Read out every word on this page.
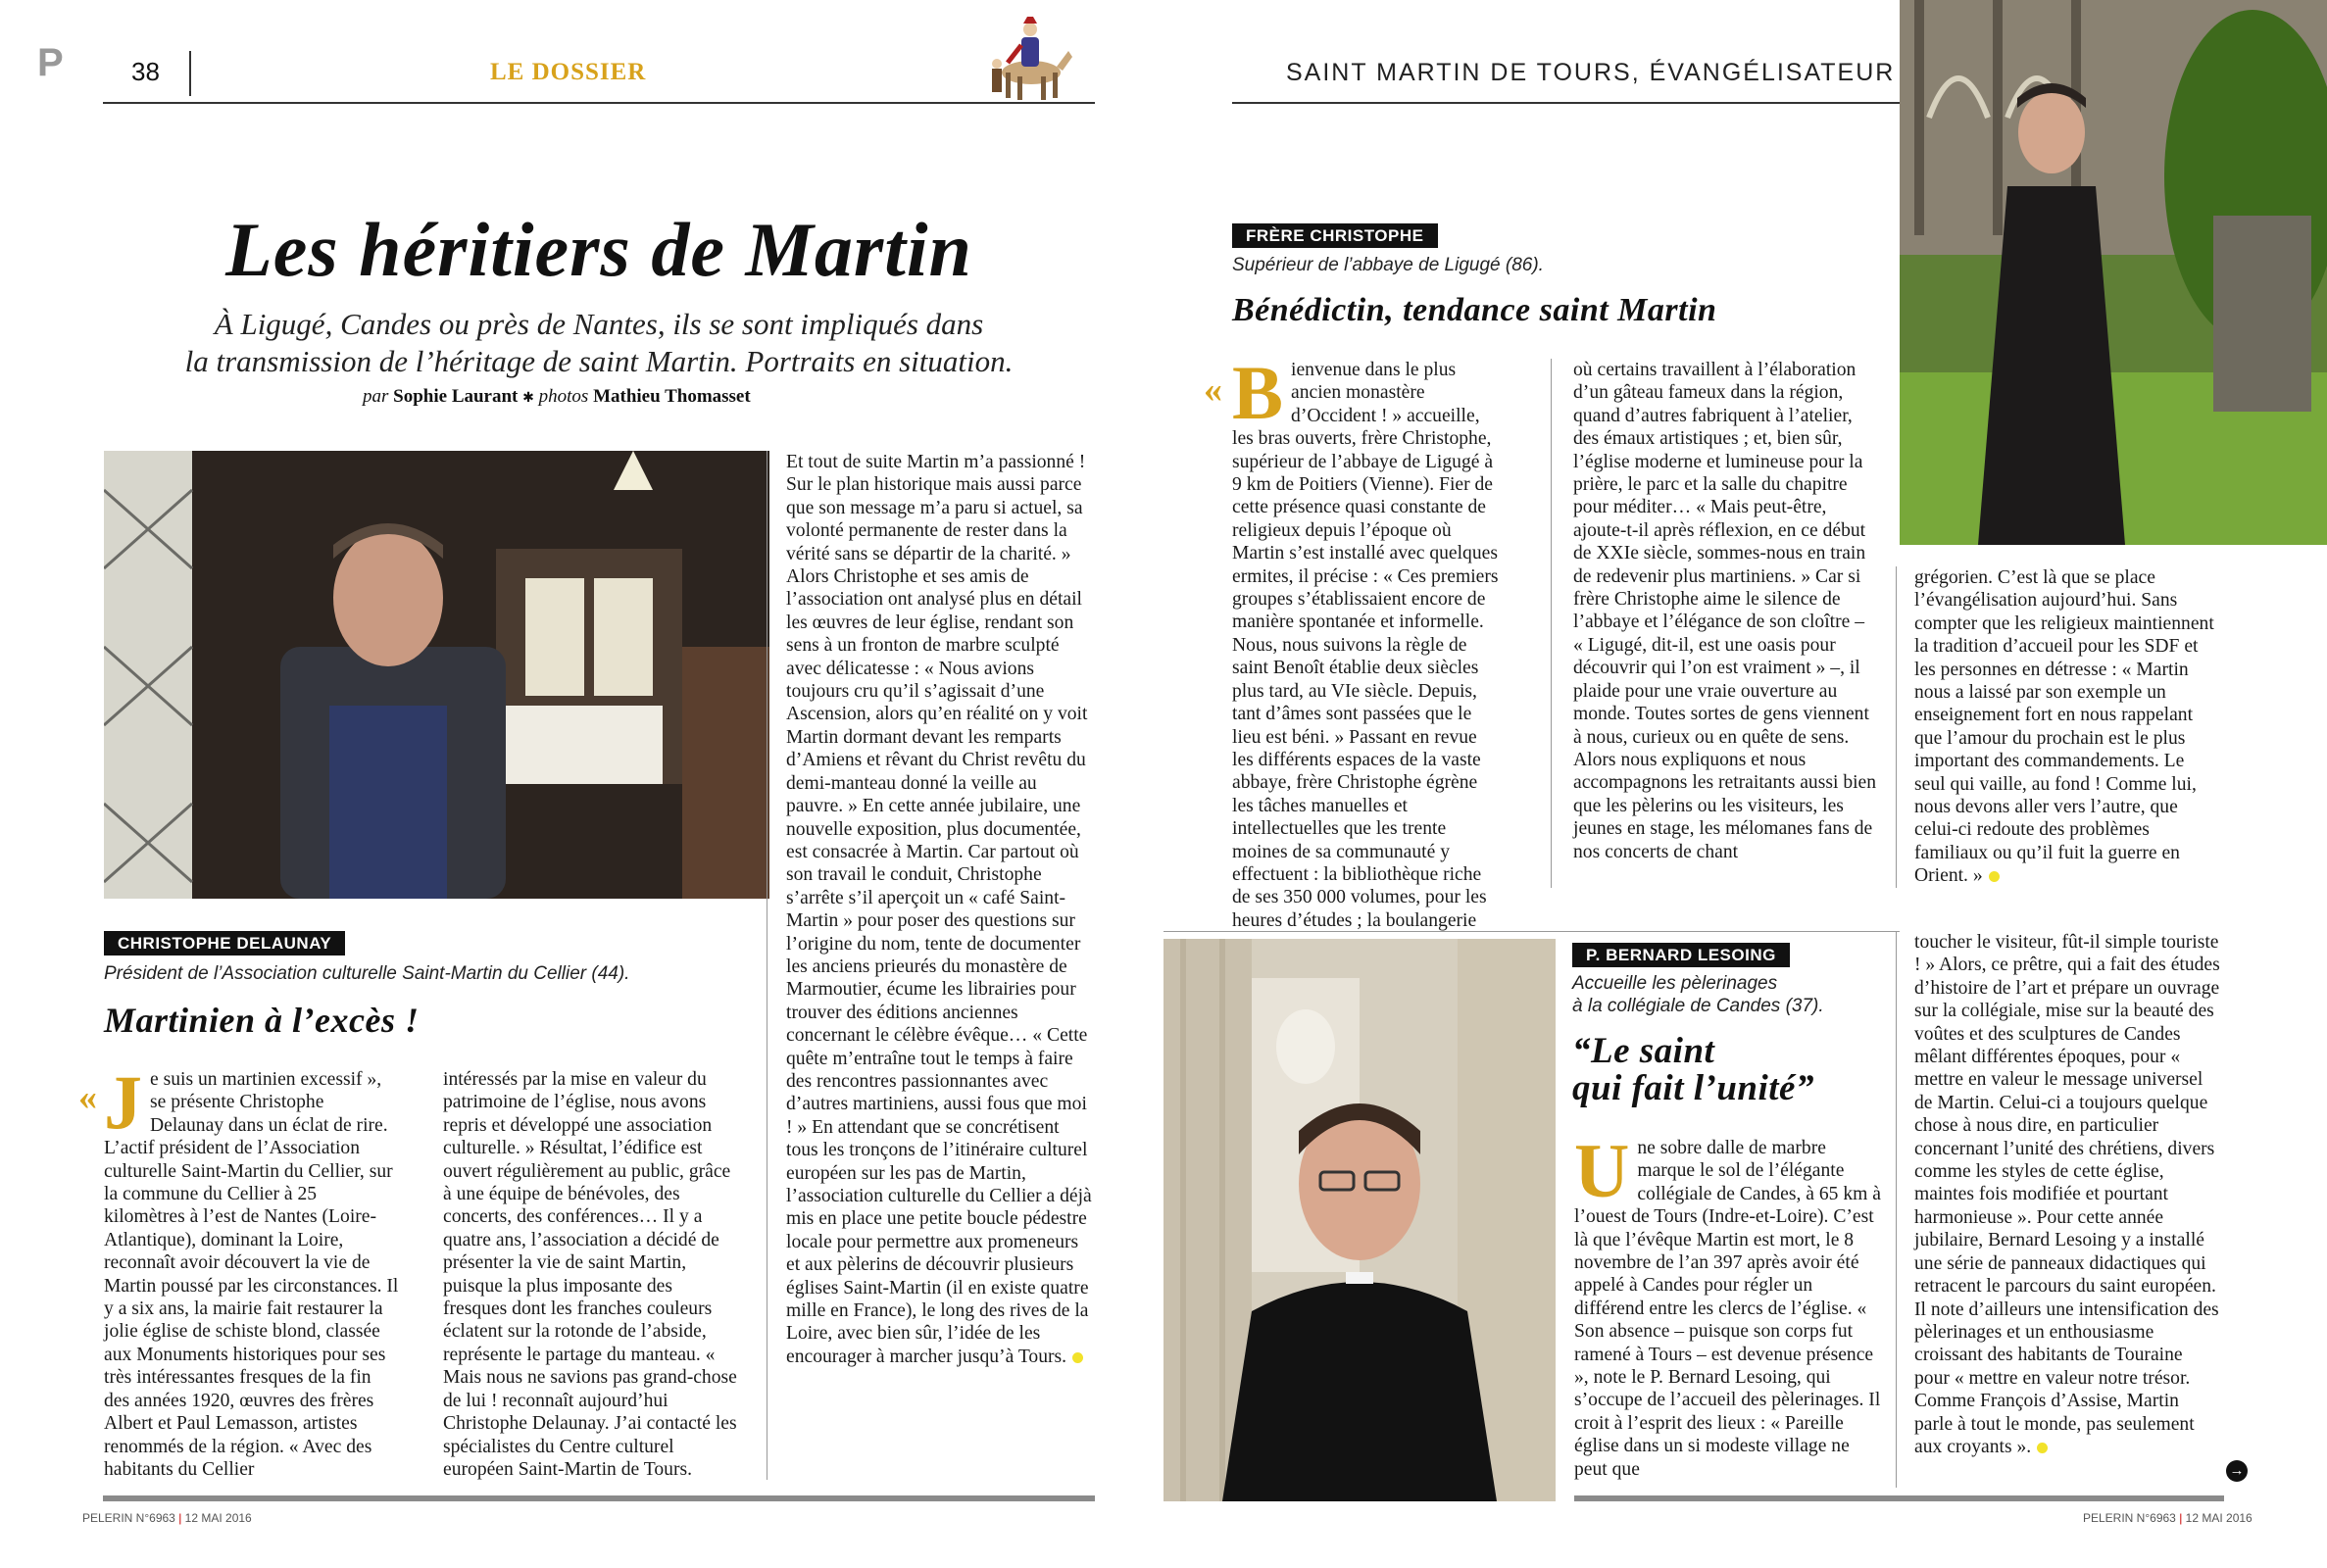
P	38	LE DOSSIER	SAINT MARTIN DE TOURS, ÉVANGÉLISATEUR
Les héritiers de Martin
À Ligugé, Candes ou près de Nantes, ils se sont impliqués dans
la transmission de l’héritage de saint Martin. Portraits en situation.
par Sophie Laurant ✱ photos Mathieu Thomasset
CHRISTOPHE DELAUNAY
Président de l’Association culturelle Saint-Martin du Cellier (44).
Martinien à l’excès !
« Je suis un martinien excessif », se présente Christophe Delaunay dans un éclat de rire. L’actif président de l’Association culturelle Saint-Martin du Cellier, sur la commune du Cellier à 25 kilomètres à l’est de Nantes (Loire-Atlantique), dominant la Loire, reconnaît avoir découvert la vie de Martin poussé par les circonstances. Il y a six ans, la mairie fait restaurer la jolie église de schiste blond, classée aux Monuments historiques pour ses très intéressantes fresques de la fin des années 1920, œuvres des frères Albert et Paul Lemasson, artistes renommés de la région. « Avec des habitants du Cellier

intéressés par la mise en valeur du patrimoine de l’église, nous avons repris et développé une association culturelle. » Résultat, l’édifice est ouvert régulièrement au public, grâce à une équipe de bénévoles, des concerts, des conférences… Il y a quatre ans, l’association a décidé de présenter la vie de saint Martin, puisque la plus imposante des fresques dont les franches couleurs éclatent sur la rotonde de l’abside, représente le partage du manteau. « Mais nous ne savions pas grand-chose de lui ! reconnaît aujourd’hui Christophe Delaunay. J’ai contacté les spécialistes du Centre culturel européen Saint-Martin de Tours.

Et tout de suite Martin m’a passionné ! Sur le plan historique mais aussi parce que son message m’a paru si actuel, sa volonté permanente de rester dans la vérité sans se départir de la charité. » Alors Christophe et ses amis de l’association ont analysé plus en détail les œuvres de leur église, rendant son sens à un fronton de marbre sculpté avec délicatesse : « Nous avions toujours cru qu’il s’agissait d’une Ascension, alors qu’en réalité on y voit Martin dormant devant les remparts d’Amiens et rêvant du Christ revêtu du demi-manteau donné la veille au pauvre. » En cette année jubilaire, une nouvelle exposition, plus documentée, est consacrée à Martin. Car partout où son travail le conduit, Christophe s’arrête s’il aperçoit un « café Saint-Martin » pour poser des questions sur l’origine du nom, tente de documenter les anciens prieurés du monastère de Marmoutier, écume les librairies pour trouver des éditions anciennes concernant le célèbre évêque… « Cette quête m’entraîne tout le temps à faire des rencontres passionnantes avec d’autres martiniens, aussi fous que moi ! » En attendant que se concrétisent tous les tronçons de l’itinéraire culturel européen sur les pas de Martin, l’association culturelle du Cellier a déjà mis en place une petite boucle pédestre locale pour permettre aux promeneurs et aux pèlerins de découvrir plusieurs églises Saint-Martin (il en existe quatre mille en France), le long des rives de la Loire, avec bien sûr, l’idée de les encourager à marcher jusqu’à Tours.

FRÈRE CHRISTOPHE
Supérieur de l’abbaye de Ligugé (86).
Bénédictin, tendance saint Martin
« Bienvenue dans le plus ancien monastère d’Occident ! » accueille, les bras ouverts, frère Christophe, supérieur de l’abbaye de Ligugé à 9 km de Poitiers (Vienne). Fier de cette présence quasi constante de religieux depuis l’époque où Martin s’est installé avec quelques ermites, il précise : « Ces premiers groupes s’établissaient encore de manière spontanée et informelle. Nous, nous suivons la règle de saint Benoît établie deux siècles plus tard, au VIe siècle. Depuis, tant d’âmes sont passées que le lieu est béni. » Passant en revue les différents espaces de la vaste abbaye, frère Christophe égrène les tâches manuelles et intellectuelles que les trente moines de sa communauté y effectuent : la bibliothèque riche de ses 350 000 volumes, pour les heures d’études ; la boulangerie

où certains travaillent à l’élaboration d’un gâteau fameux dans la région, quand d’autres fabriquent à l’atelier, des émaux artistiques ; et, bien sûr, l’église moderne et lumineuse pour la prière, le parc et la salle du chapitre pour méditer… « Mais peut-être, ajoute-t-il après réflexion, en ce début de XXIe siècle, sommes-nous en train de redevenir plus martiniens. » Car si frère Christophe aime le silence de l’abbaye et l’élégance de son cloître – « Ligugé, dit-il, est une oasis pour découvrir qui l’on est vraiment » –, il plaide pour une vraie ouverture au monde. Toutes sortes de gens viennent à nous, curieux ou en quête de sens. Alors nous expliquons et nous accompagnons les retraitants aussi bien que les pèlerins ou les visiteurs, les jeunes en stage, les mélomanes fans de nos concerts de chant

grégorien. C’est là que se place l’évangélisation aujourd’hui. Sans compter que les religieux maintiennent la tradition d’accueil pour les SDF et les personnes en détresse : « Martin nous a laissé par son exemple un enseignement fort en nous rappelant que l’amour du prochain est le plus important des commandements. Le seul qui vaille, au fond ! Comme lui, nous devons aller vers l’autre, que celui-ci redoute des problèmes familiaux ou qu’il fuit la guerre en Orient. »

P. BERNARD LESOING
Accueille les pèlerinages
à la collégiale de Candes (37).
“Le saint
qui fait l’unité”

Une sobre dalle de marbre marque le sol de l’élégante collégiale de Candes, à 65 km à l’ouest de Tours (Indre-et-Loire). C’est là que l’évêque Martin est mort, le 8 novembre de l’an 397 après avoir été appelé à Candes pour régler un différend entre les clercs de l’église. « Son absence – puisque son corps fut ramené à Tours – est devenue présence », note le P. Bernard Lesoing, qui s’occupe de l’accueil des pèlerinages. Il croit à l’esprit des lieux : « Pareille église dans un si modeste village ne peut que

toucher le visiteur, fût-il simple touriste ! » Alors, ce prêtre, qui a fait des études d’histoire de l’art et prépare un ouvrage sur la collégiale, mise sur la beauté des voûtes et des sculptures de Candes mêlant différentes époques, pour « mettre en valeur le message universel de Martin. Celui-ci a toujours quelque chose à nous dire, en particulier concernant l’unité des chrétiens, divers comme les styles de cette église, maintes fois modifiée et pourtant harmonieuse ». Pour cette année jubilaire, Bernard Lesoing y a installé une série de panneaux didactiques qui retracent le parcours du saint européen. Il note d’ailleurs une intensification des pèlerinages et un enthousiasme croissant des habitants de Touraine pour « mettre en valeur notre trésor. Comme François d’Assise, Martin parle à tout le monde, pas seulement aux croyants ».

PELERIN N°6963 | 12 MAI 2016	PELERIN N°6963 | 12 MAI 2016
→
